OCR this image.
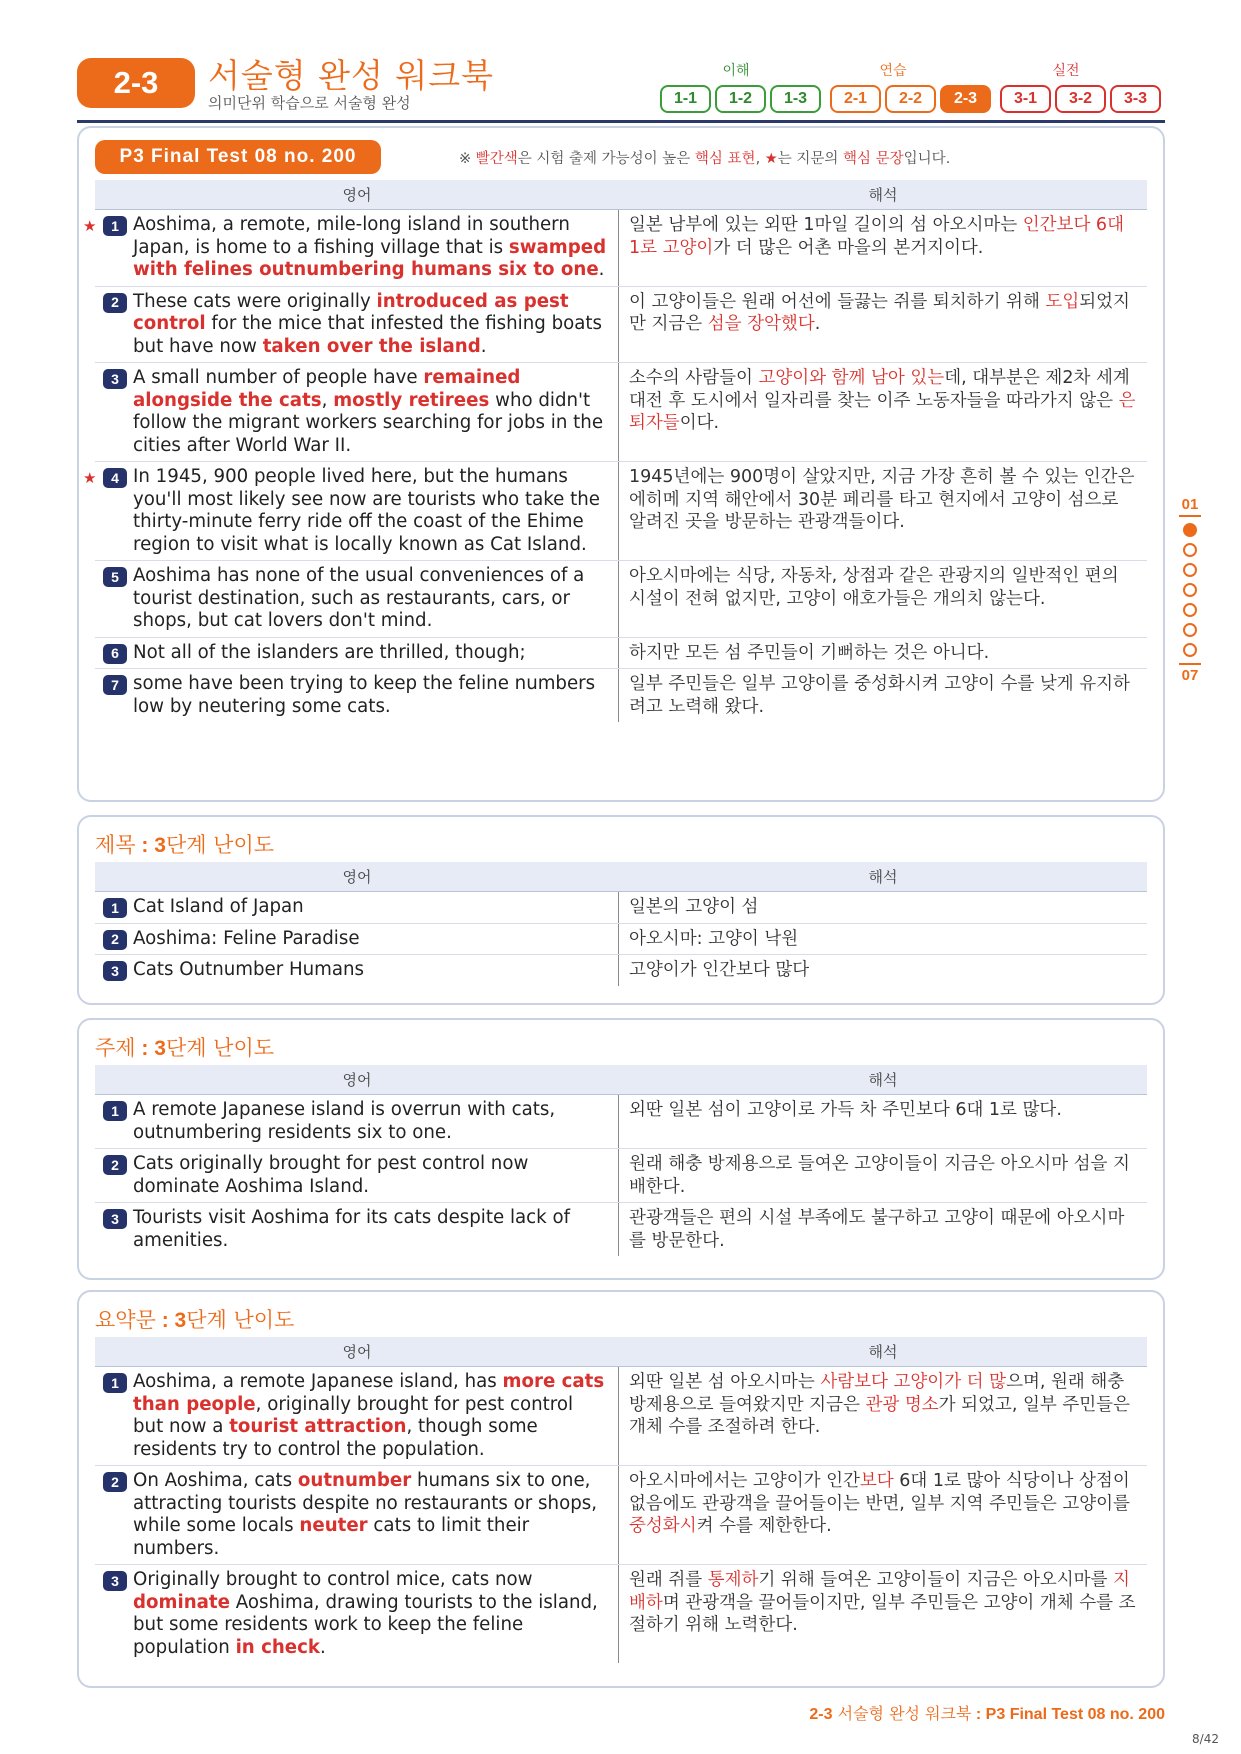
2-3	서술형 완성 워크북
의미단위 학습으로 서술형 완성
이해	연습	실전
1-1	1-2	1-3	2-1	2-2	2-3	3-1	3-2	3-3
P3 Final Test 08 no. 200	※ 빨간색은 시험 출제 가능성이 높은 핵심 표현, ★는 지문의 핵심 문장입니다.
영어	해석
★	1 Aoshima, a remote, mile-long island in southern Japan, is home to a fishing village that is swamped with felines outnumbering humans six to one.
일본 남부에 있는 외딴 1마일 길이의 섬 아오시마는 인간보다 6대 1로 고양이가 더 많은 어촌 마을의 본거지이다.
2 These cats were originally introduced as pest control for the mice that infested the fishing boats but have now taken over the island.
이 고양이들은 원래 어선에 들끓는 쥐를 퇴치하기 위해 도입되었지만 지금은 섬을 장악했다.
3 A small number of people have remained alongside the cats, mostly retirees who didn't follow the migrant workers searching for jobs in the cities after World War II.
소수의 사람들이 고양이와 함께 남아 있는데, 대부분은 제2차 세계대전 후 도시에서 일자리를 찾는 이주 노동자들을 따라가지 않은 은퇴자들이다.
★	4 In 1945, 900 people lived here, but the humans you'll most likely see now are tourists who take the thirty-minute ferry ride off the coast of the Ehime region to visit what is locally known as Cat Island.
1945년에는 900명이 살았지만, 지금 가장 흔히 볼 수 있는 인간은 에히메 지역 해안에서 30분 페리를 타고 현지에서 고양이 섬으로 알려진 곳을 방문하는 관광객들이다.
5 Aoshima has none of the usual conveniences of a tourist destination, such as restaurants, cars, or shops, but cat lovers don't mind.
아오시마에는 식당, 자동차, 상점과 같은 관광지의 일반적인 편의 시설이 전혀 없지만, 고양이 애호가들은 개의치 않는다.
6 Not all of the islanders are thrilled, though;	하지만 모든 섬 주민들이 기뻐하는 것은 아니다.
7 some have been trying to keep the feline numbers low by neutering some cats.
일부 주민들은 일부 고양이를 중성화시켜 고양이 수를 낮게 유지하려고 노력해 왔다.
제목 : 3단계 난이도
영어	해석
1 Cat Island of Japan	일본의 고양이 섬
2 Aoshima: Feline Paradise	아오시마: 고양이 낙원
3 Cats Outnumber Humans	고양이가 인간보다 많다
주제 : 3단계 난이도
영어	해석
1 A remote Japanese island is overrun with cats, outnumbering residents six to one.
외딴 일본 섬이 고양이로 가득 차 주민보다 6대 1로 많다.
2 Cats originally brought for pest control now dominate Aoshima Island.
원래 해충 방제용으로 들여온 고양이들이 지금은 아오시마 섬을 지배한다.
3 Tourists visit Aoshima for its cats despite lack of amenities.
관광객들은 편의 시설 부족에도 불구하고 고양이 때문에 아오시마를 방문한다.
요약문 : 3단계 난이도
영어	해석
1 Aoshima, a remote Japanese island, has more cats than people, originally brought for pest control but now a tourist attraction, though some residents try to control the population.
외딴 일본 섬 아오시마는 사람보다 고양이가 더 많으며, 원래 해충 방제용으로 들여왔지만 지금은 관광 명소가 되었고, 일부 주민들은 개체 수를 조절하려 한다.
2 On Aoshima, cats outnumber humans six to one, attracting tourists despite no restaurants or shops, while some locals neuter cats to limit their numbers.
아오시마에서는 고양이가 인간보다 6대 1로 많아 식당이나 상점이 없음에도 관광객을 끌어들이는 반면, 일부 지역 주민들은 고양이를 중성화시켜 수를 제한한다.
3 Originally brought to control mice, cats now dominate Aoshima, drawing tourists to the island, but some residents work to keep the feline population in check.
원래 쥐를 통제하기 위해 들여온 고양이들이 지금은 아오시마를 지배하며 관광객을 끌어들이지만, 일부 주민들은 고양이 개체 수를 조절하기 위해 노력한다.
01
07
2-3 서술형 완성 워크북 : P3 Final Test 08 no. 200
8/42
